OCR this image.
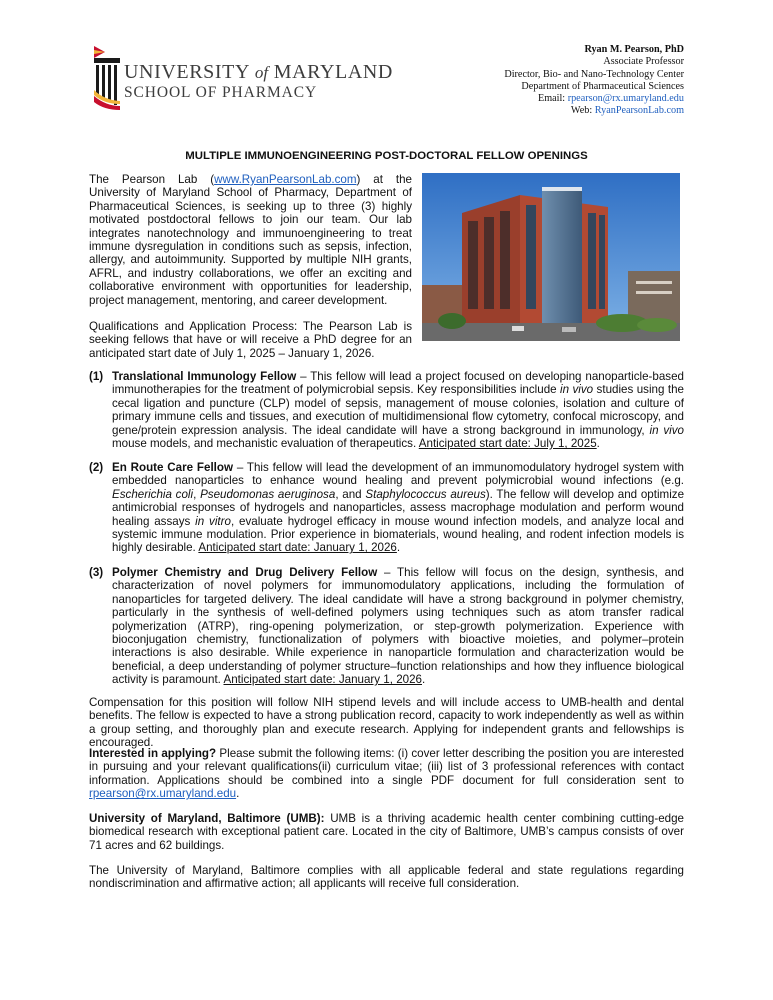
UNIVERSITY of MARYLAND
SCHOOL OF PHARMACY
Ryan M. Pearson, PhD
Associate Professor
Director, Bio- and Nano-Technology Center
Department of Pharmaceutical Sciences
Email: rpearson@rx.umaryland.edu
Web: RyanPearsonLab.com
MULTIPLE IMMUNOENGINEERING POST-DOCTORAL FELLOW OPENINGS

The Pearson Lab (www.RyanPearsonLab.com) at the University of Maryland School of Pharmacy, Department of Pharmaceutical Sciences, is seeking up to three (3) highly motivated postdoctoral fellows to join our team. Our lab integrates nanotechnology and immunoengineering to treat immune dysregulation in conditions such as sepsis, infection, allergy, and autoimmunity. Supported by multiple NIH grants, AFRL, and industry collaborations, we offer an exciting and collaborative environment with opportunities for leadership, project management, mentoring, and career development.

Qualifications and Application Process: The Pearson Lab is seeking fellows that have or will receive a PhD degree for an anticipated start date of July 1, 2025 – January 1, 2026.

(1) Translational Immunology Fellow – This fellow will lead a project focused on developing nanoparticle-based immunotherapies for the treatment of polymicrobial sepsis. Key responsibilities include in vivo studies using the cecal ligation and puncture (CLP) model of sepsis, management of mouse colonies, isolation and culture of primary immune cells and tissues, and execution of multidimensional flow cytometry, confocal microscopy, and gene/protein expression analysis. The ideal candidate will have a strong background in immunology, in vivo mouse models, and mechanistic evaluation of therapeutics. Anticipated start date: July 1, 2025.

(2) En Route Care Fellow – This fellow will lead the development of an immunomodulatory hydrogel system with embedded nanoparticles to enhance wound healing and prevent polymicrobial wound infections (e.g. Escherichia coli, Pseudomonas aeruginosa, and Staphylococcus aureus). The fellow will develop and optimize antimicrobial responses of hydrogels and nanoparticles, assess macrophage modulation and perform wound healing assays in vitro, evaluate hydrogel efficacy in mouse wound infection models, and analyze local and systemic immune modulation. Prior experience in biomaterials, wound healing, and rodent infection models is highly desirable. Anticipated start date: January 1, 2026.

(3) Polymer Chemistry and Drug Delivery Fellow – This fellow will focus on the design, synthesis, and characterization of novel polymers for immunomodulatory applications, including the formulation of nanoparticles for targeted delivery. The ideal candidate will have a strong background in polymer chemistry, particularly in the synthesis of well-defined polymers using techniques such as atom transfer radical polymerization (ATRP), ring-opening polymerization, or step-growth polymerization. Experience with bioconjugation chemistry, functionalization of polymers with bioactive moieties, and polymer–protein interactions is also desirable. While experience in nanoparticle formulation and characterization would be beneficial, a deep understanding of polymer structure–function relationships and how they influence biological activity is paramount. Anticipated start date: January 1, 2026.

Compensation for this position will follow NIH stipend levels and will include access to UMB-health and dental benefits. The fellow is expected to have a strong publication record, capacity to work independently as well as within a group setting, and thoroughly plan and execute research. Applying for independent grants and fellowships is encouraged.

Interested in applying? Please submit the following items: (i) cover letter describing the position you are interested in pursuing and your relevant qualifications(ii) curriculum vitae; (iii) list of 3 professional references with contact information. Applications should be combined into a single PDF document for full consideration sent to rpearson@rx.umaryland.edu.

University of Maryland, Baltimore (UMB): UMB is a thriving academic health center combining cutting-edge biomedical research with exceptional patient care. Located in the city of Baltimore, UMB’s campus consists of over 71 acres and 62 buildings.

The University of Maryland, Baltimore complies with all applicable federal and state regulations regarding nondiscrimination and affirmative action; all applicants will receive full consideration.
